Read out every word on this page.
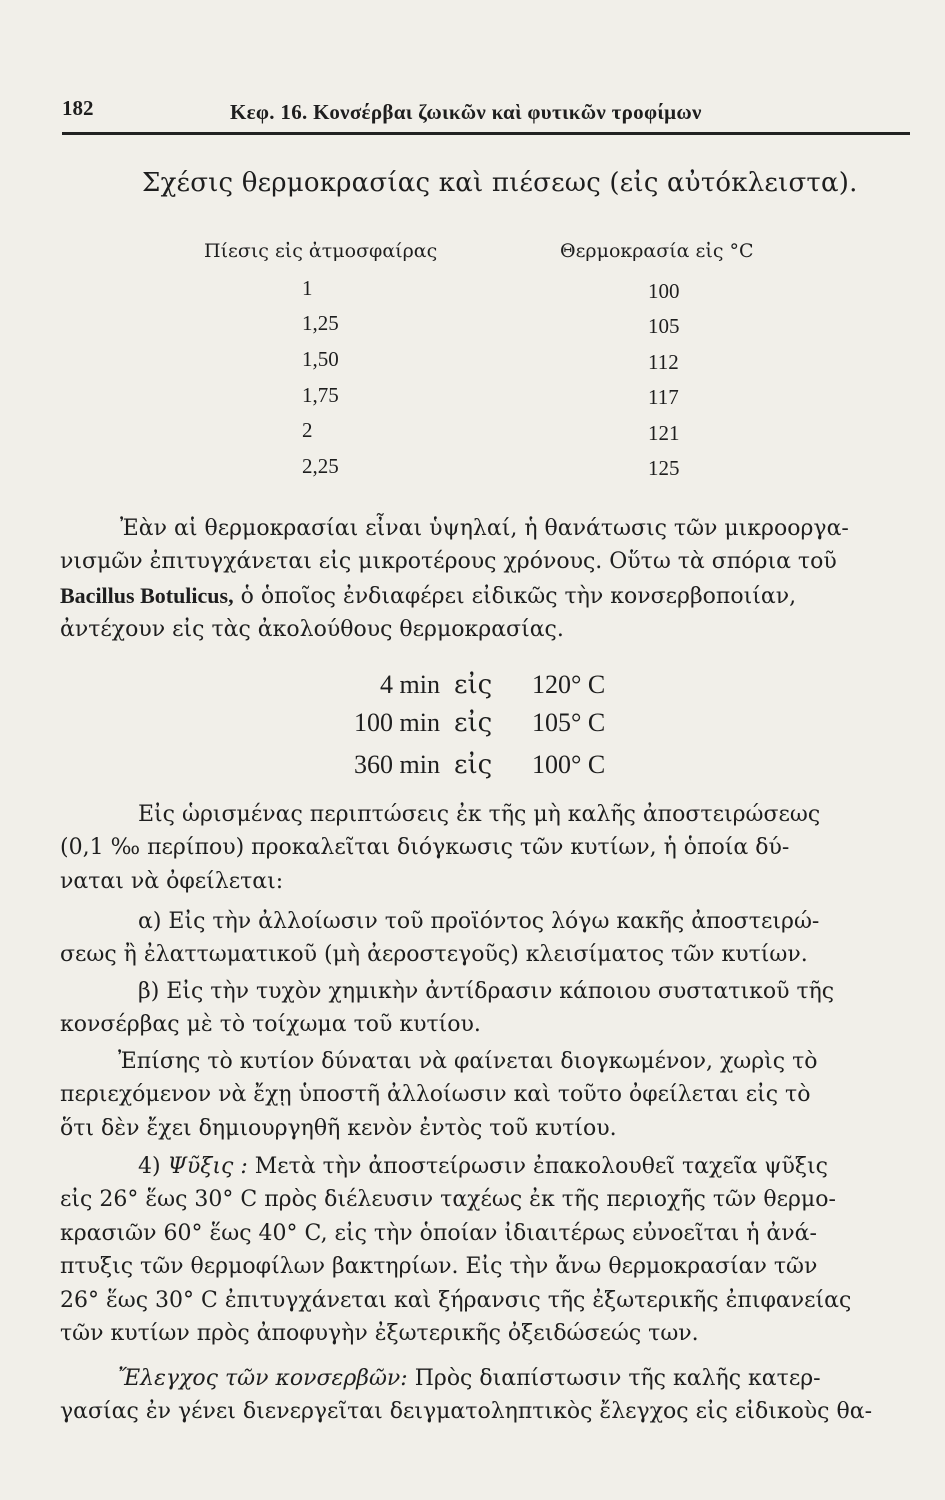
182	Κεφ. 16. Κονσέρβαι ζωικῶν καὶ φυτικῶν τροφίμων
Σχέσις θερμοκρασίας καὶ πιέσεως (εἰς αὐτόκλειστα).
Πίεσις εἰς ἀτμοσφαίρας	Θερμοκρασία εἰς °C
1
1,25
1,50
1,75
2
2,25
100
105
112
117
121
125
Ἐὰν αἱ θερμοκρασίαι εἶναι ὑψηλαί, ἡ θανάτωσις τῶν μικροοργα-
νισμῶν ἐπιτυγχάνεται εἰς μικροτέρους χρόνους. Οὕτω τὰ σπόρια τοῦ
Bacillus Botulicus, ὁ ὁποῖος ἐνδιαφέρει εἰδικῶς τὴν κονσερβοποιίαν,
ἀντέχουν εἰς τὰς ἀκολούθους θερμοκρασίας.
4 min εἰς 120° C
100 min εἰς 105° C
360 min εἰς 100° C
Εἰς ὡρισμένας περιπτώσεις ἐκ τῆς μὴ καλῆς ἀποστειρώσεως
(0,1 ‰ περίπου) προκαλεῖται διόγκωσις τῶν κυτίων, ἡ ὁποία δύ-
ναται νὰ ὀφείλεται:
α) Εἰς τὴν ἀλλοίωσιν τοῦ προϊόντος λόγω κακῆς ἀποστειρώ-
σεως ἢ ἐλαττωματικοῦ (μὴ ἀεροστεγοῦς) κλεισίματος τῶν κυτίων.
β) Εἰς τὴν τυχὸν χημικὴν ἀντίδρασιν κάποιου συστατικοῦ τῆς
κονσέρβας μὲ τὸ τοίχωμα τοῦ κυτίου.
Ἐπίσης τὸ κυτίον δύναται νὰ φαίνεται διογκωμένον, χωρὶς τὸ
περιεχόμενον νὰ ἔχῃ ὑποστῆ ἀλλοίωσιν καὶ τοῦτο ὀφείλεται εἰς τὸ
ὅτι δὲν ἔχει δημιουργηθῆ κενὸν ἐντὸς τοῦ κυτίου.
4) Ψῦξις : Μετὰ τὴν ἀποστείρωσιν ἐπακολουθεῖ ταχεῖα ψῦξις
εἰς 26° ἕως 30° C πρὸς διέλευσιν ταχέως ἐκ τῆς περιοχῆς τῶν θερμο-
κρασιῶν 60° ἕως 40° C, εἰς τὴν ὁποίαν ἰδιαιτέρως εὐνοεῖται ἡ ἀνά-
πτυξις τῶν θερμοφίλων βακτηρίων. Εἰς τὴν ἄνω θερμοκρασίαν τῶν
26° ἕως 30° C ἐπιτυγχάνεται καὶ ξήρανσις τῆς ἐξωτερικῆς ἐπιφανείας
τῶν κυτίων πρὸς ἀποφυγὴν ἐξωτερικῆς ὀξειδώσεώς των.
Ἔλεγχος τῶν κονσερβῶν: Πρὸς διαπίστωσιν τῆς καλῆς κατερ-
γασίας ἐν γένει διενεργεῖται δειγματοληπτικὸς ἔλεγχος εἰς εἰδικοὺς θα-
